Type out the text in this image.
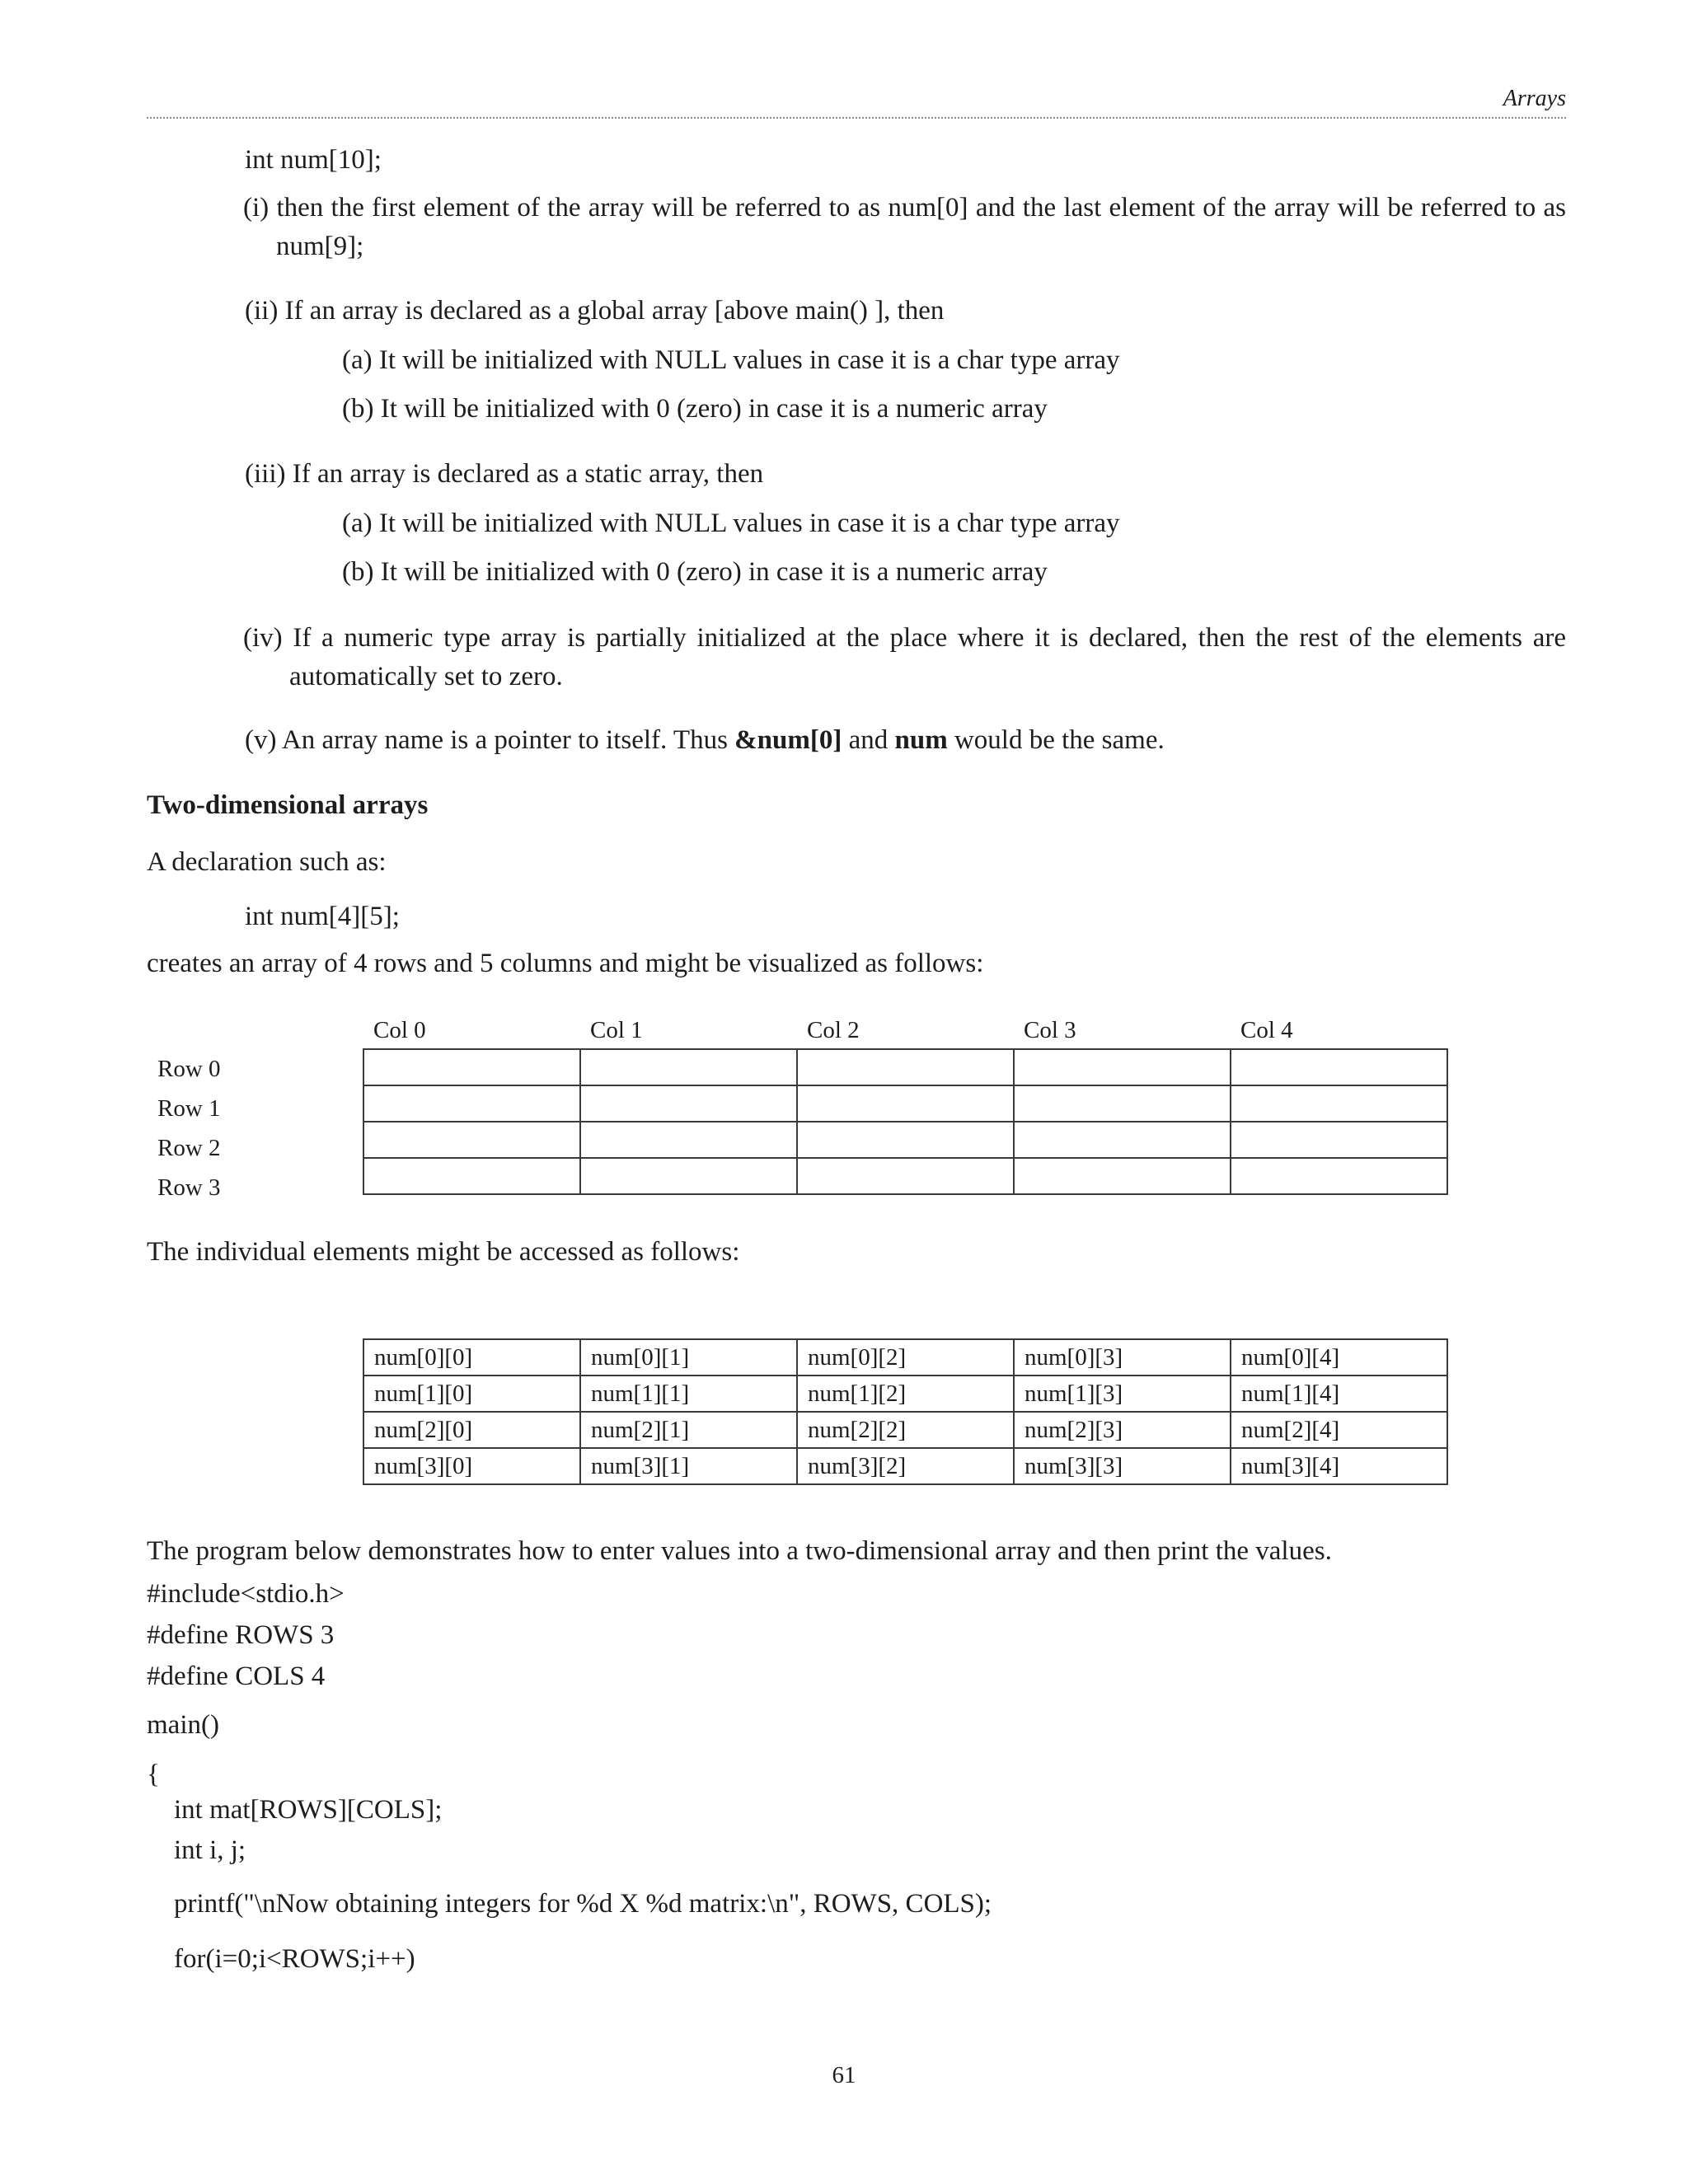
Arrays
int num[10];
(i) then the first element of the array will be referred to as num[0] and the last element of the array will be referred to as num[9];
(ii) If an array is declared as a global array [above main() ], then
(a) It will be initialized with NULL values in case it is a char type array
(b) It will be initialized with 0 (zero) in case it is a numeric array
(iii) If an array is declared as a static array, then
(a) It will be initialized with NULL values in case it is a char type array
(b) It will be initialized with 0 (zero) in case it is a numeric array
(iv) If a numeric type array is partially initialized at the place where it is declared, then the rest of the elements are automatically set to zero.
(v) An array name is a pointer to itself. Thus &num[0] and num would be the same.
Two-dimensional arrays
A declaration such as:
int num[4][5];
creates an array of 4 rows and 5 columns and might be visualized as follows:
Col 0	Col 1	Col 2	Col 3	Col 4
Row 0
Row 1
Row 2
Row 3

The individual elements might be accessed as follows:
num[0][0]	num[0][1]	num[0][2]	num[0][3]	num[0][4]
num[1][0]	num[1][1]	num[1][2]	num[1][3]	num[1][4]
num[2][0]	num[2][1]	num[2][2]	num[2][3]	num[2][4]
num[3][0]	num[3][1]	num[3][2]	num[3][3]	num[3][4]
The program below demonstrates how to enter values into a two-dimensional array and then print the values.
#include<stdio.h>
#define ROWS 3
#define COLS 4
main()
{
int mat[ROWS][COLS];
int i, j;
printf("\nNow obtaining integers for %d X %d matrix:\n", ROWS, COLS);
for(i=0;i<ROWS;i++)
61
